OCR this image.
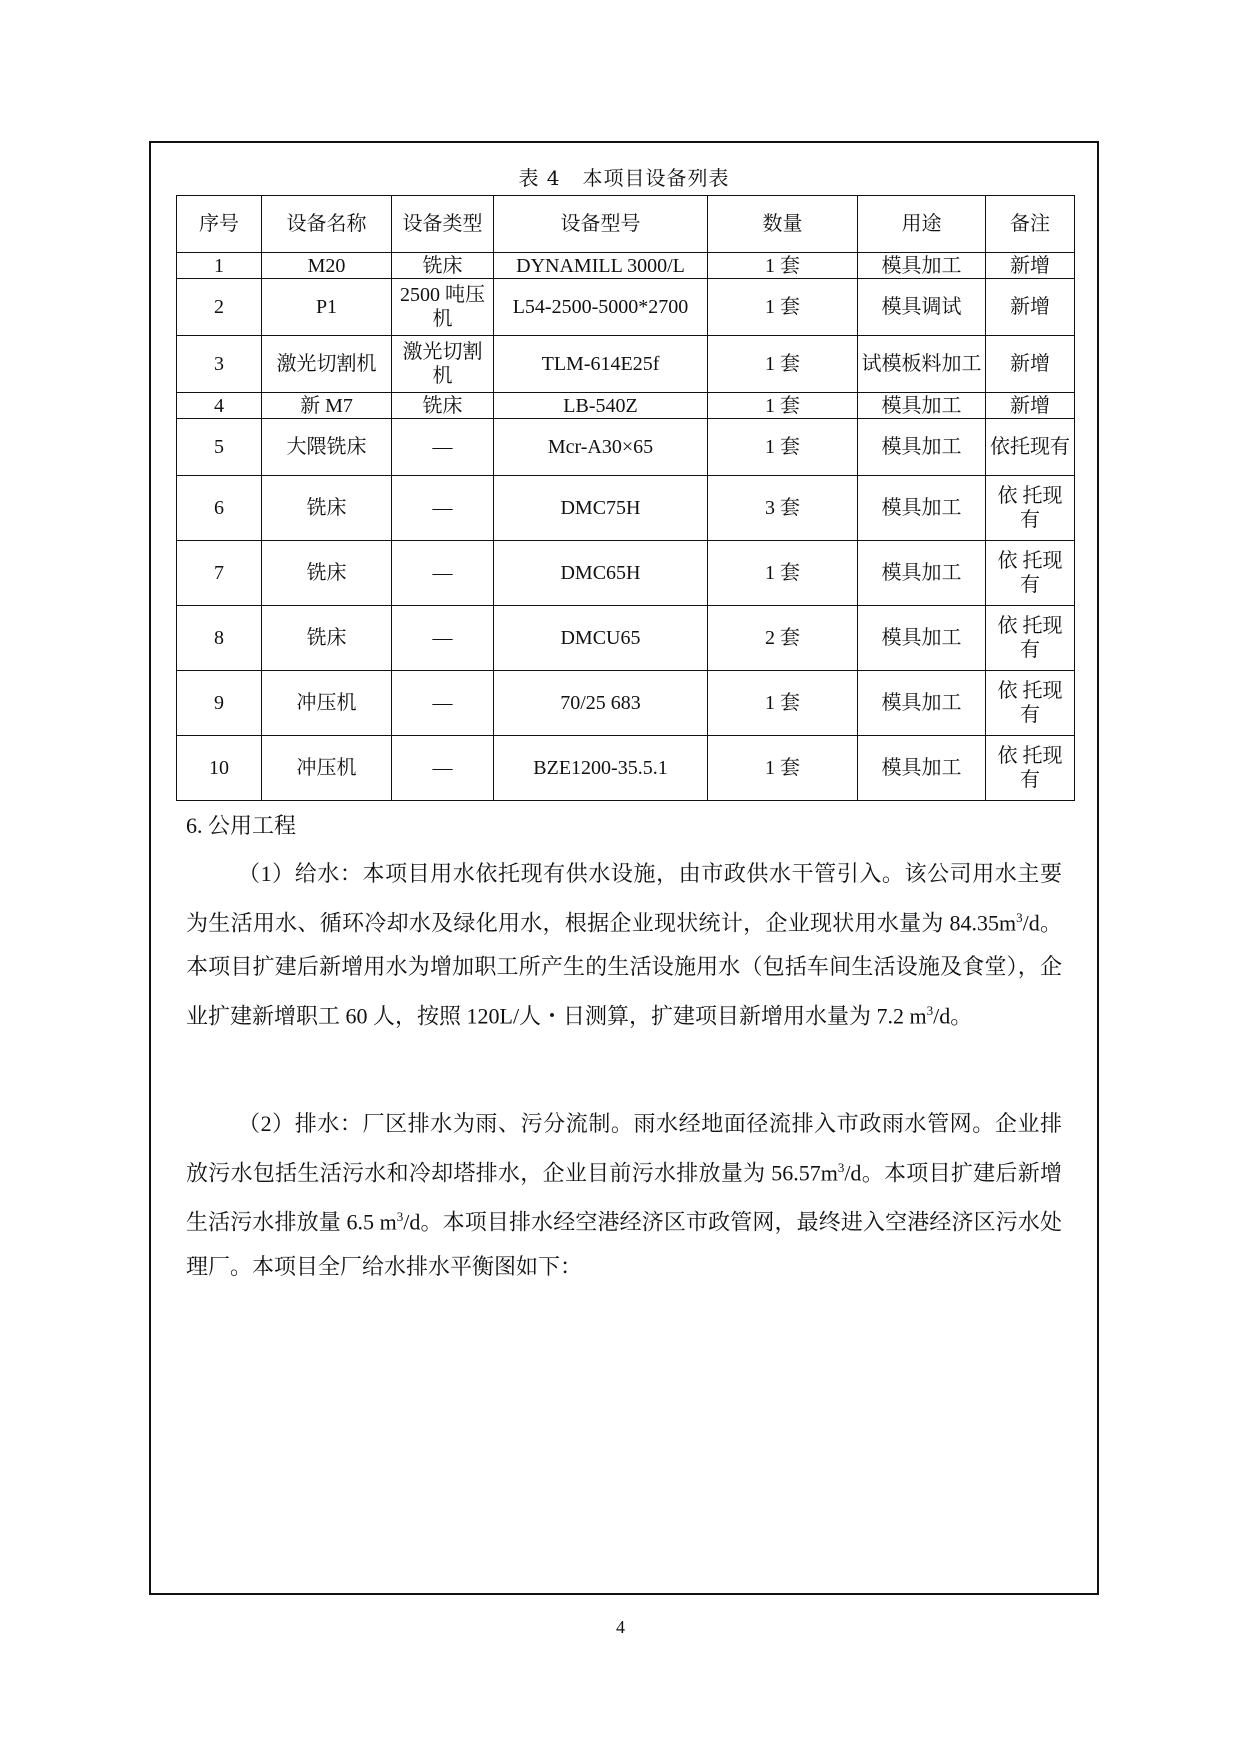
表 4 本项目设备列表
序号	设备名称	设备类型	设备型号	数量	用途	备注
1	M20	铣床	DYNAMILL 3000/L	1 套	模具加工	新增
2	P1	2500 吨压机	L54-2500-5000*2700	1 套	模具调试	新增
3	激光切割机	激光切割机	TLM-614E25f	1 套	试模板料加工	新增
4	新 M7	铣床	LB-540Z	1 套	模具加工	新增
5	大隈铣床	—	Mcr-A30×65	1 套	模具加工	依托现有
6	铣床	—	DMC75H	3 套	模具加工	依 托现有
7	铣床	—	DMC65H	1 套	模具加工	依 托现有
8	铣床	—	DMCU65	2 套	模具加工	依 托现有
9	冲压机	—	70/25 683	1 套	模具加工	依 托现有
10	冲压机	—	BZE1200-35.5.1	1 套	模具加工	依 托现有
6. 公用工程
（1）给水：本项目用水依托现有供水设施，由市政供水干管引入。该公司用水主要为生活用水、循环冷却水及绿化用水，根据企业现状统计，企业现状用水量为 $84.35m^3/d$。本项目扩建后新增用水为增加职工所产生的生活设施用水（包括车间生活设施及食堂），企业扩建新增职工 60 人，按照 120L/人・日测算，扩建项目新增用水量为 7.2 $m^3/d$。
（2）排水：厂区排水为雨、污分流制。雨水经地面径流排入市政雨水管网。企业排放污水包括生活污水和冷却塔排水，企业目前污水排放量为 $56.57m^3/d$。本项目扩建后新增生活污水排放量 6.5 $m^3/d$。本项目排水经空港经济区市政管网，最终进入空港经济区污水处理厂。本项目全厂给水排水平衡图如下：
4
